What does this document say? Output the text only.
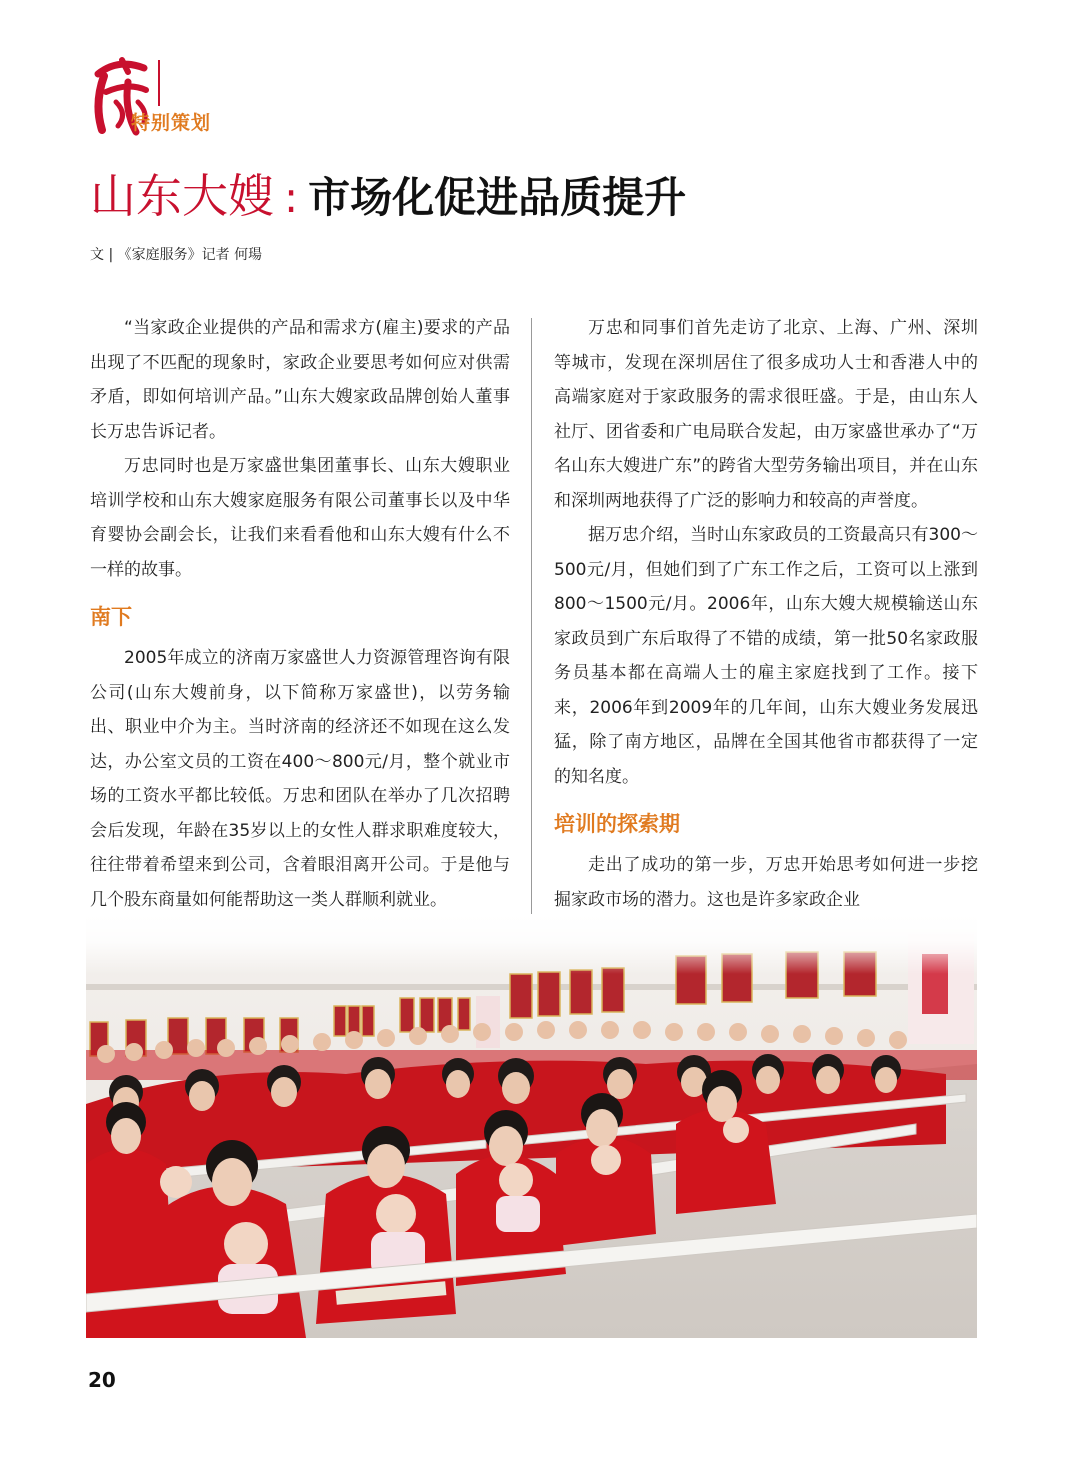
特别策划
山东大嫂 : 市场化促进品质提升
文 | 《家庭服务》记者 何瑒

“当家政企业提供的产品和需求方(雇主)要求的产品出现了不匹配的现象时，家政企业要思考如何应对供需矛盾，即如何培训产品。”山东大嫂家政品牌创始人董事长万忠告诉记者。

万忠同时也是万家盛世集团董事长、山东大嫂职业培训学校和山东大嫂家庭服务有限公司董事长以及中华育婴协会副会长，让我们来看看他和山东大嫂有什么不一样的故事。

南下

2005年成立的济南万家盛世人力资源管理咨询有限公司(山东大嫂前身，以下简称万家盛世)，以劳务输出、职业中介为主。当时济南的经济还不如现在这么发达，办公室文员的工资在400～800元/月，整个就业市场的工资水平都比较低。万忠和团队在举办了几次招聘会后发现，年龄在35岁以上的女性人群求职难度较大，往往带着希望来到公司，含着眼泪离开公司。于是他与几个股东商量如何能帮助这一类人群顺利就业。

万忠和同事们首先走访了北京、上海、广州、深圳等城市，发现在深圳居住了很多成功人士和香港人中的高端家庭对于家政服务的需求很旺盛。于是，由山东人社厅、团省委和广电局联合发起，由万家盛世承办了“万名山东大嫂进广东”的跨省大型劳务输出项目，并在山东和深圳两地获得了广泛的影响力和较高的声誉度。

据万忠介绍，当时山东家政员的工资最高只有300～500元/月，但她们到了广东工作之后，工资可以上涨到800～1500元/月。2006年，山东大嫂大规模输送山东家政员到广东后取得了不错的成绩，第一批50名家政服务员基本都在高端人士的雇主家庭找到了工作。接下来，2006年到2009年的几年间，山东大嫂业务发展迅猛，除了南方地区，品牌在全国其他省市都获得了一定的知名度。

培训的探索期

走出了成功的第一步，万忠开始思考如何进一步挖掘家政市场的潜力。这也是许多家政企业

20
